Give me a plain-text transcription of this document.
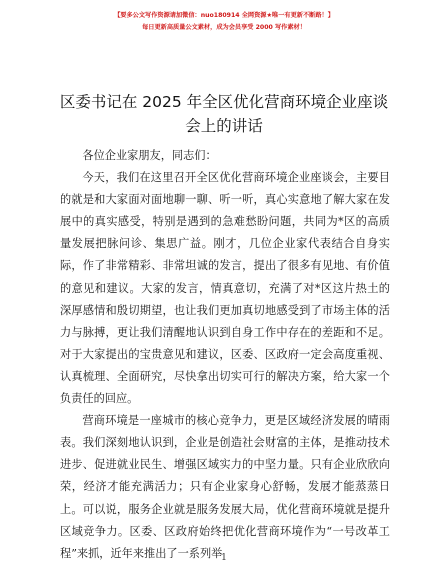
【要多公文写作资源请加微信：nuo180914 全网资源★唯一有更新不断路！】
每日更新高质量公文素材，成为会员享受 2000 写作素材！
区委书记在 2025 年全区优化营商环境企业座谈
会上的讲话

各位企业家朋友，同志们：

今天，我们在这里召开全区优化营商环境企业座谈会，主要目的就是和大家面对面地聊一聊、听一听，真心实意地了解大家在发展中的真实感受，特别是遇到的急难愁盼问题，共同为*区的高质量发展把脉问诊、集思广益。刚才，几位企业家代表结合自身实际，作了非常精彩、非常坦诚的发言，提出了很多有见地、有价值的意见和建议。大家的发言，情真意切，充满了对*区这片热土的深厚感情和殷切期望，也让我们更加真切地感受到了市场主体的活力与脉搏，更让我们清醒地认识到自身工作中存在的差距和不足。对于大家提出的宝贵意见和建议，区委、区政府一定会高度重视、认真梳理、全面研究，尽快拿出切实可行的解决方案，给大家一个负责任的回应。

营商环境是一座城市的核心竞争力，更是区域经济发展的晴雨表。我们深刻地认识到，企业是创造社会财富的主体，是推动技术进步、促进就业民生、增强区域实力的中坚力量。只有企业欣欣向荣，经济才能充满活力；只有企业家身心舒畅，发展才能蒸蒸日上。可以说，服务企业就是服务发展大局，优化营商环境就是提升区域竞争力。区委、区政府始终把优化营商环境作为“一号改革工程”来抓，近年来推出了一系列举

1
